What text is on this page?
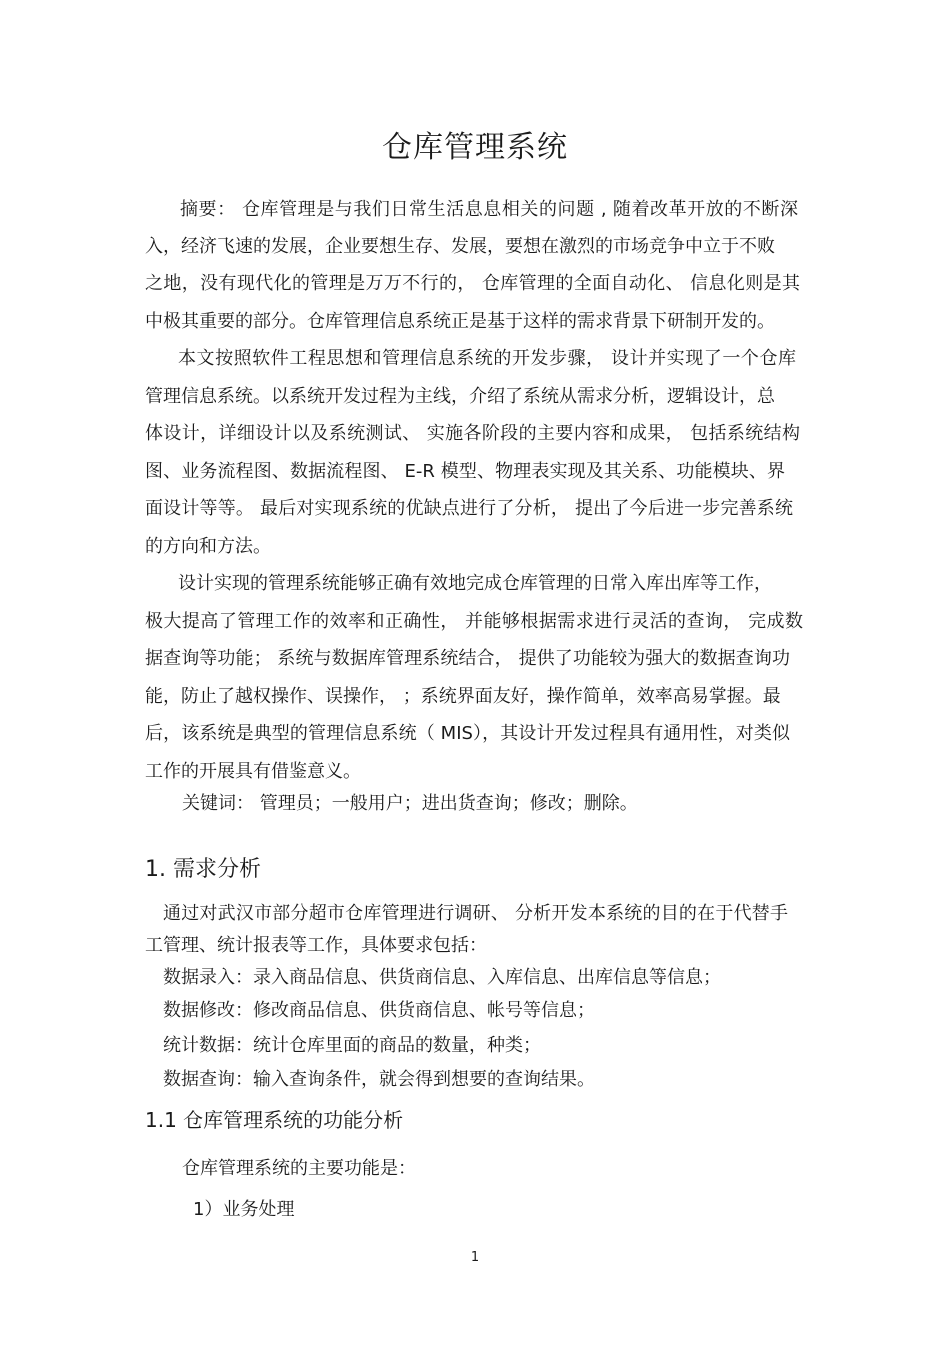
仓库管理系统
摘要： 仓库管理是与我们日常生活息息相关的问题 , 随着改革开放的不断深
入，经济飞速的发展，企业要想生存、发展，要想在激烈的市场竞争中立于不败
之地，没有现代化的管理是万万不行的， 仓库管理的全面自动化、 信息化则是其
中极其重要的部分。仓库管理信息系统正是基于这样的需求背景下研制开发的。
本文按照软件工程思想和管理信息系统的开发步骤， 设计并实现了一个仓库
管理信息系统。以系统开发过程为主线，介绍了系统从需求分析，逻辑设计，总
体设计，详细设计以及系统测试、 实施各阶段的主要内容和成果， 包括系统结构
图、业务流程图、数据流程图、 E-R 模型、物理表实现及其关系、功能模块、界
面设计等等。 最后对实现系统的优缺点进行了分析， 提出了今后进一步完善系统
的方向和方法。
设计实现的管理系统能够正确有效地完成仓库管理的日常入库出库等工作，
极大提高了管理工作的效率和正确性， 并能够根据需求进行灵活的查询， 完成数
据查询等功能； 系统与数据库管理系统结合， 提供了功能较为强大的数据查询功
能，防止了越权操作、误操作， ；系统界面友好，操作简单，效率高易掌握。最
后，该系统是典型的管理信息系统（ MIS），其设计开发过程具有通用性，对类似
工作的开展具有借鉴意义。
关键词： 管理员；一般用户；进出货查询；修改；删除。
1. 需求分析
通过对武汉市部分超市仓库管理进行调研、 分析开发本系统的目的在于代替手
工管理、统计报表等工作，具体要求包括：
数据录入：录入商品信息、供货商信息、入库信息、出库信息等信息；
数据修改：修改商品信息、供货商信息、帐号等信息；
统计数据：统计仓库里面的商品的数量，种类；
数据查询：输入查询条件，就会得到想要的查询结果。
1.1 仓库管理系统的功能分析
仓库管理系统的主要功能是：
1）业务处理
1
